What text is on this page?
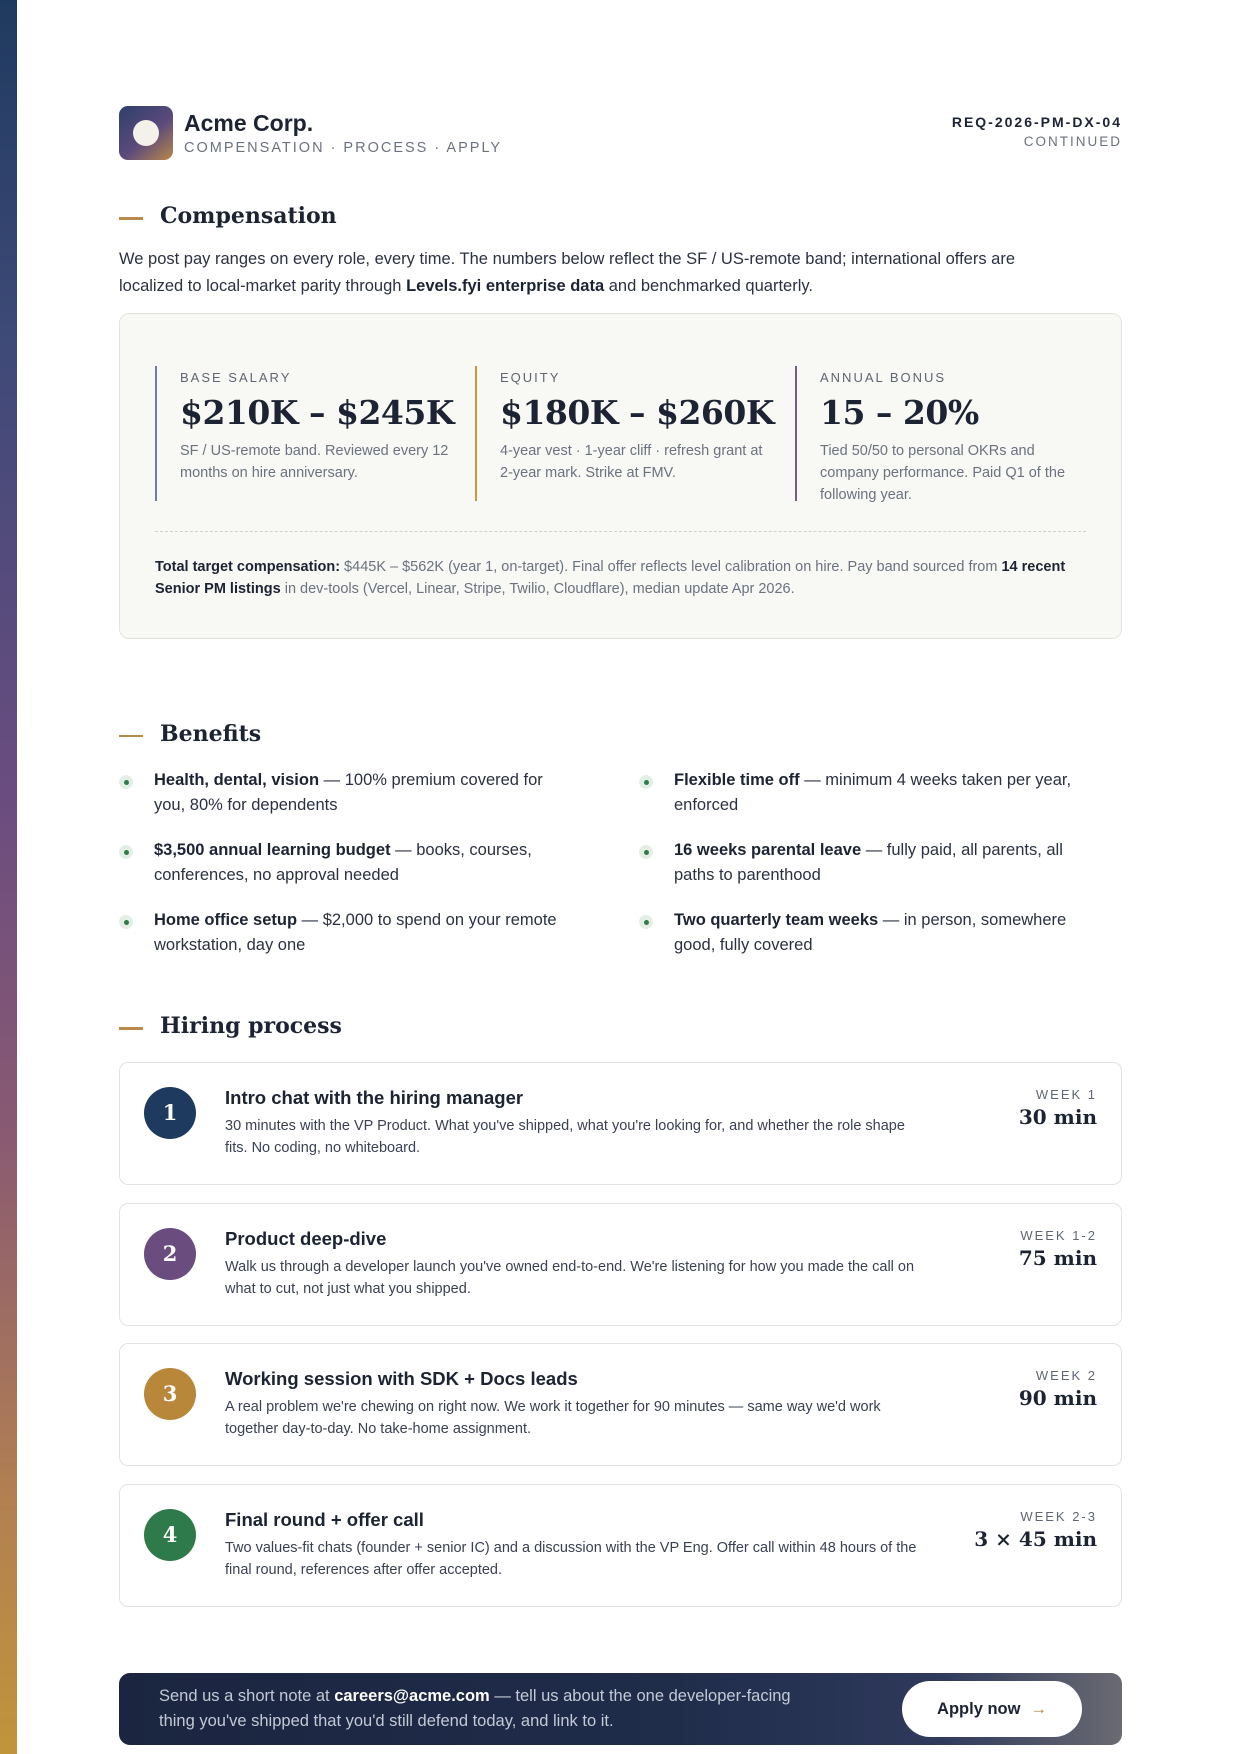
Acme Corp.
COMPENSATION · PROCESS · APPLY
REQ-2026-PM-DX-04
CONTINUED
Compensation

We post pay ranges on every role, every time. The numbers below reflect the SF / US-remote band; international offers are localized to local-market parity through Levels.fyi enterprise data and benchmarked quarterly.

BASE SALARY
$210K – $245K
SF / US-remote band. Reviewed every 12 months on hire anniversary.
EQUITY
$180K – $260K
4-year vest · 1-year cliff · refresh grant at 2-year mark. Strike at FMV.
ANNUAL BONUS
15 – 20%
Tied 50/50 to personal OKRs and company performance. Paid Q1 of the following year.

Total target compensation: $445K – $562K (year 1, on-target). Final offer reflects level calibration on hire. Pay band sourced from 14 recent Senior PM listings in dev-tools (Vercel, Linear, Stripe, Twilio, Cloudflare), median update Apr 2026.

Benefits
Health, dental, vision — 100% premium covered for you, 80% for dependents
Flexible time off — minimum 4 weeks taken per year, enforced
$3,500 annual learning budget — books, courses, conferences, no approval needed
16 weeks parental leave — fully paid, all parents, all paths to parenthood
Home office setup — $2,000 to spend on your remote workstation, day one
Two quarterly team weeks — in person, somewhere good, fully covered
Hiring process
1
Intro chat with the hiring manager
30 minutes with the VP Product. What you've shipped, what you're looking for, and whether the role shape fits. No coding, no whiteboard.
WEEK 1
30 min
2
Product deep-dive
Walk us through a developer launch you've owned end-to-end. We're listening for how you made the call on what to cut, not just what you shipped.
WEEK 1-2
75 min
3
Working session with SDK + Docs leads
A real problem we're chewing on right now. We work it together for 90 minutes — same way we'd work together day-to-day. No take-home assignment.
WEEK 2
90 min
4
Final round + offer call
Two values-fit chats (founder + senior IC) and a discussion with the VP Eng. Offer call within 48 hours of the final round, references after offer accepted.
WEEK 2-3
3 × 45 min

Send us a short note at careers@acme.com — tell us about the one developer-facing thing you've shipped that you'd still defend today, and link to it.

Apply now →
